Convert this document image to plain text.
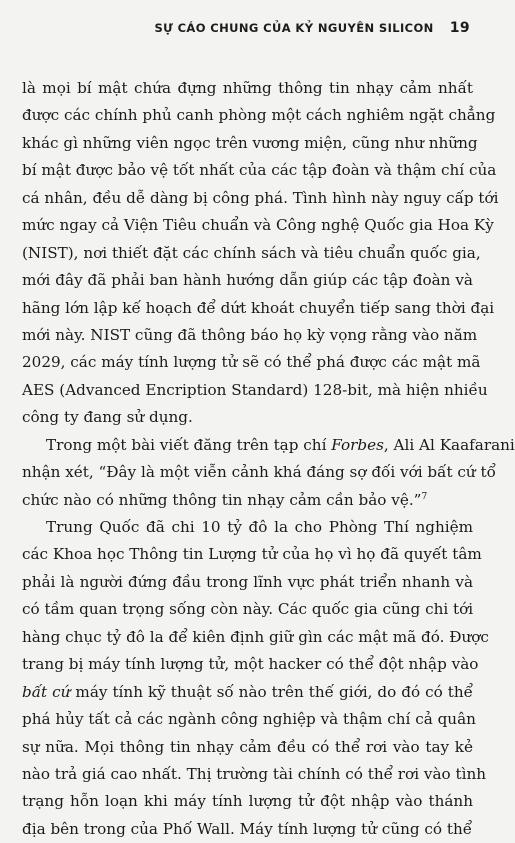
SỰ CÁO CHUNG CỦA KỶ NGUYÊN SILICON 19
là mọi bí mật chứa đựng những thông tin nhạy cảm nhất
được các chính phủ canh phòng một cách nghiêm ngặt chẳng
khác gì những viên ngọc trên vương miện, cũng như những
bí mật được bảo vệ tốt nhất của các tập đoàn và thậm chí của
cá nhân, đều dễ dàng bị công phá. Tình hình này nguy cấp tới
mức ngay cả Viện Tiêu chuẩn và Công nghệ Quốc gia Hoa Kỳ
(NIST), nơi thiết đặt các chính sách và tiêu chuẩn quốc gia,
mới đây đã phải ban hành hướng dẫn giúp các tập đoàn và
hãng lớn lập kế hoạch để dứt khoát chuyển tiếp sang thời đại
mới này. NIST cũng đã thông báo họ kỳ vọng rằng vào năm
2029, các máy tính lượng tử sẽ có thể phá được các mật mã
AES (Advanced Encription Standard) 128-bit, mà hiện nhiều
công ty đang sử dụng.
Trong một bài viết đăng trên tạp chí Forbes, Ali Al Kaafarani
nhận xét, “Đây là một viễn cảnh khá đáng sợ đối với bất cứ tổ
chức nào có những thông tin nhạy cảm cần bảo vệ.”$^7$
Trung Quốc đã chi 10 tỷ đô la cho Phòng Thí nghiệm
các Khoa học Thông tin Lượng tử của họ vì họ đã quyết tâm
phải là người đứng đầu trong lĩnh vực phát triển nhanh và
có tầm quan trọng sống còn này. Các quốc gia cũng chi tới
hàng chục tỷ đô la để kiên định giữ gìn các mật mã đó. Được
trang bị máy tính lượng tử, một hacker có thể đột nhập vào
bất cứ máy tính kỹ thuật số nào trên thế giới, do đó có thể
phá hủy tất cả các ngành công nghiệp và thậm chí cả quân
sự nữa. Mọi thông tin nhạy cảm đều có thể rơi vào tay kẻ
nào trả giá cao nhất. Thị trường tài chính có thể rơi vào tình
trạng hỗn loạn khi máy tính lượng tử đột nhập vào thánh
địa bên trong của Phố Wall. Máy tính lượng tử cũng có thể
